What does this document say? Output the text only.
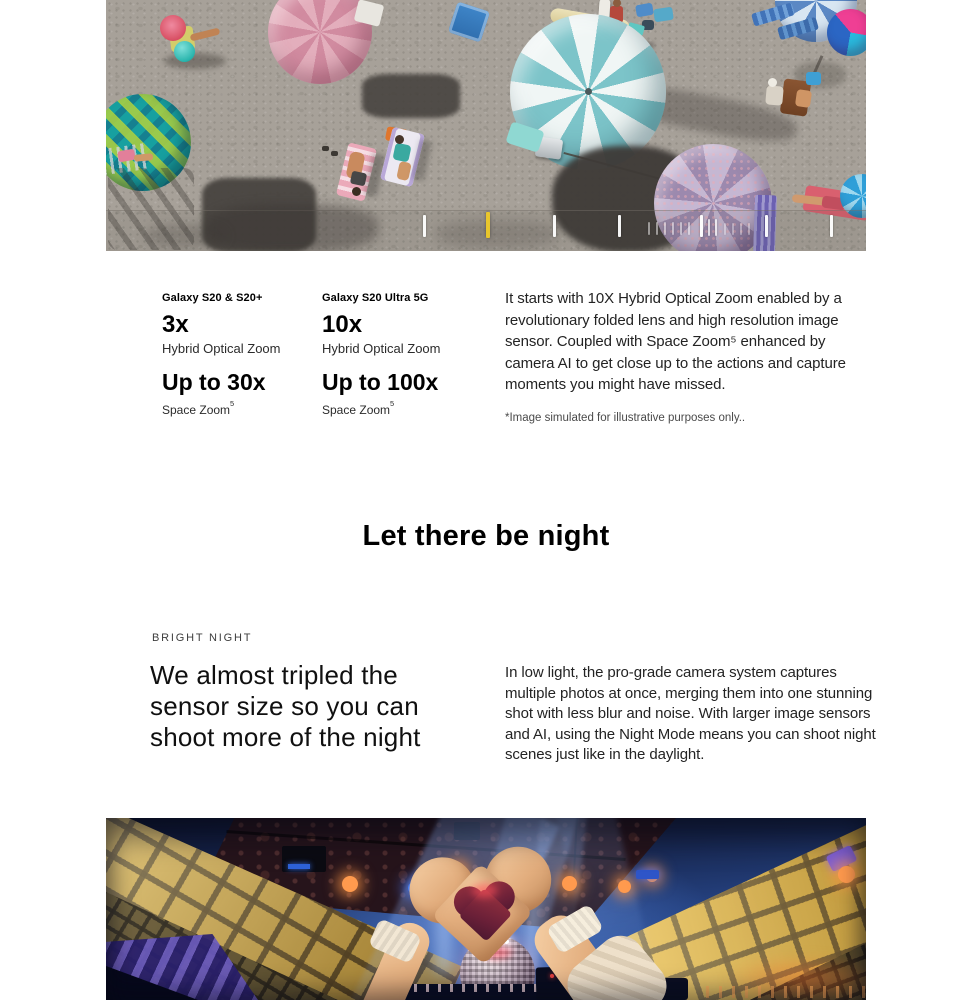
Galaxy S20 & S20+
3x
Hybrid Optical Zoom
Up to 30x
Space Zoom$^5$
Galaxy S20 Ultra 5G
10x
Hybrid Optical Zoom
Up to 100x
Space Zoom$^5$

It starts with 10X Hybrid Optical Zoom enabled by a revolutionary folded lens and high resolution image sensor. Coupled with Space Zoom⁵ enhanced by camera AI to get close up to the actions and capture moments you might have missed.

*Image simulated for illustrative purposes only..
Let there be night
BRIGHT NIGHT
We almost tripled the
sensor size so you can
shoot more of the night

In low light, the pro-grade camera system captures multiple photos at once, merging them into one stunning shot with less blur and noise. With larger image sensors and AI, using the Night Mode means you can shoot night scenes just like in the daylight.
